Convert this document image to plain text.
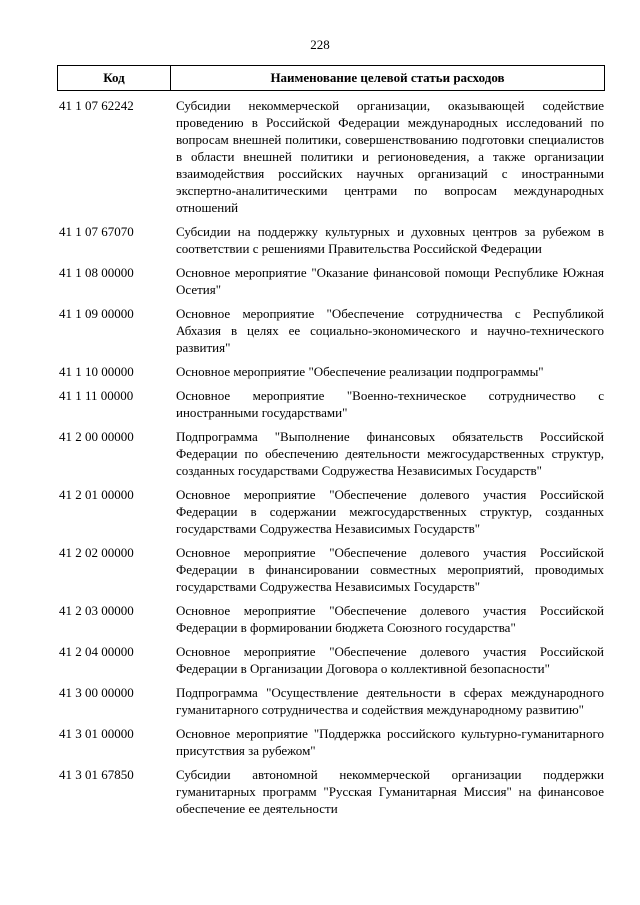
228
Код	Наименование целевой статьи расходов
41 1 07 62242	Субсидии некоммерческой организации, оказывающей содействие проведению в Российской Федерации международных исследований по вопросам внешней политики, совершенствованию подготовки специалистов в области внешней политики и регионоведения, а также организации взаимодействия российских научных организаций с иностранными экспертно-аналитическими центрами по вопросам международных отношений
41 1 07 67070	Субсидии на поддержку культурных и духовных центров за рубежом в соответствии с решениями Правительства Российской Федерации
41 1 08 00000	Основное мероприятие "Оказание финансовой помощи Республике Южная Осетия"
41 1 09 00000	Основное мероприятие "Обеспечение сотрудничества с Республикой Абхазия в целях ее социально-экономического и научно-технического развития"
41 1 10 00000	Основное мероприятие "Обеспечение реализации подпрограммы"
41 1 11 00000	Основное мероприятие "Военно-техническое сотрудничество с иностранными государствами"
41 2 00 00000	Подпрограмма "Выполнение финансовых обязательств Российской Федерации по обеспечению деятельности межгосударственных структур, созданных государствами Содружества Независимых Государств"
41 2 01 00000	Основное мероприятие "Обеспечение долевого участия Российской Федерации в содержании межгосударственных структур, созданных государствами Содружества Независимых Государств"
41 2 02 00000	Основное мероприятие "Обеспечение долевого участия Российской Федерации в финансировании совместных мероприятий, проводимых государствами Содружества Независимых Государств"
41 2 03 00000	Основное мероприятие "Обеспечение долевого участия Российской Федерации в формировании бюджета Союзного государства"
41 2 04 00000	Основное мероприятие "Обеспечение долевого участия Российской Федерации в Организации Договора о коллективной безопасности"
41 3 00 00000	Подпрограмма "Осуществление деятельности в сферах международного гуманитарного сотрудничества и содействия международному развитию"
41 3 01 00000	Основное мероприятие "Поддержка российского культурно-гуманитарного присутствия за рубежом"
41 3 01 67850	Субсидии автономной некоммерческой организации поддержки гуманитарных программ "Русская Гуманитарная Миссия" на финансовое обеспечение ее деятельности
